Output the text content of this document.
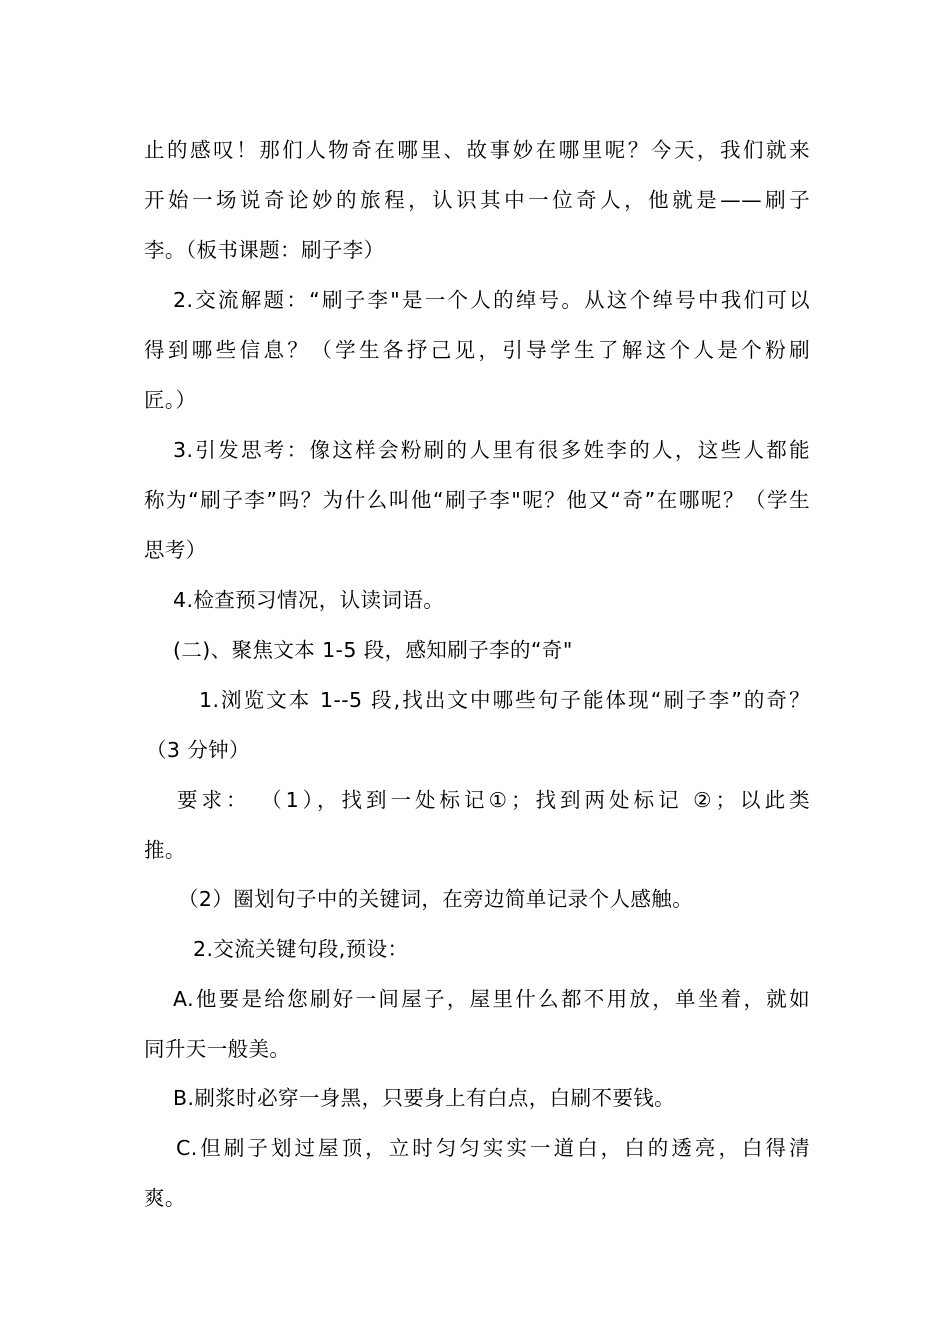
止的感叹！那们人物奇在哪里、故事妙在哪里呢？今天，我们就来
开始一场说奇论妙的旅程，认识其中一位奇人，他就是——刷子
李。（板书课题：刷子李）
2.交流解题：“刷子李"是一个人的绰号。从这个绰号中我们可以
得到哪些信息？（学生各抒己见，引导学生了解这个人是个粉刷
匠。）
3.引发思考：像这样会粉刷的人里有很多姓李的人，这些人都能
称为“刷子李”吗？为什么叫他“刷子李"呢？他又“奇”在哪呢？（学生
思考）
4.检查预习情况，认读词语。
(二)、聚焦文本 1-5 段，感知刷子李的“奇"
1.浏览文本 1--5 段,找出文中哪些句子能体现“刷子李”的奇？
（3 分钟）
要求： （1），找到一处标记①；找到两处标记 ②；以此类
推。
（2）圈划句子中的关键词，在旁边简单记录个人感触。
2.交流关键句段,预设：
A.他要是给您刷好一间屋子，屋里什么都不用放，单坐着，就如
同升天一般美。
B.刷浆时必穿一身黑，只要身上有白点，白刷不要钱。
C.但刷子划过屋顶，立时匀匀实实一道白，白的透亮，白得清
爽。
